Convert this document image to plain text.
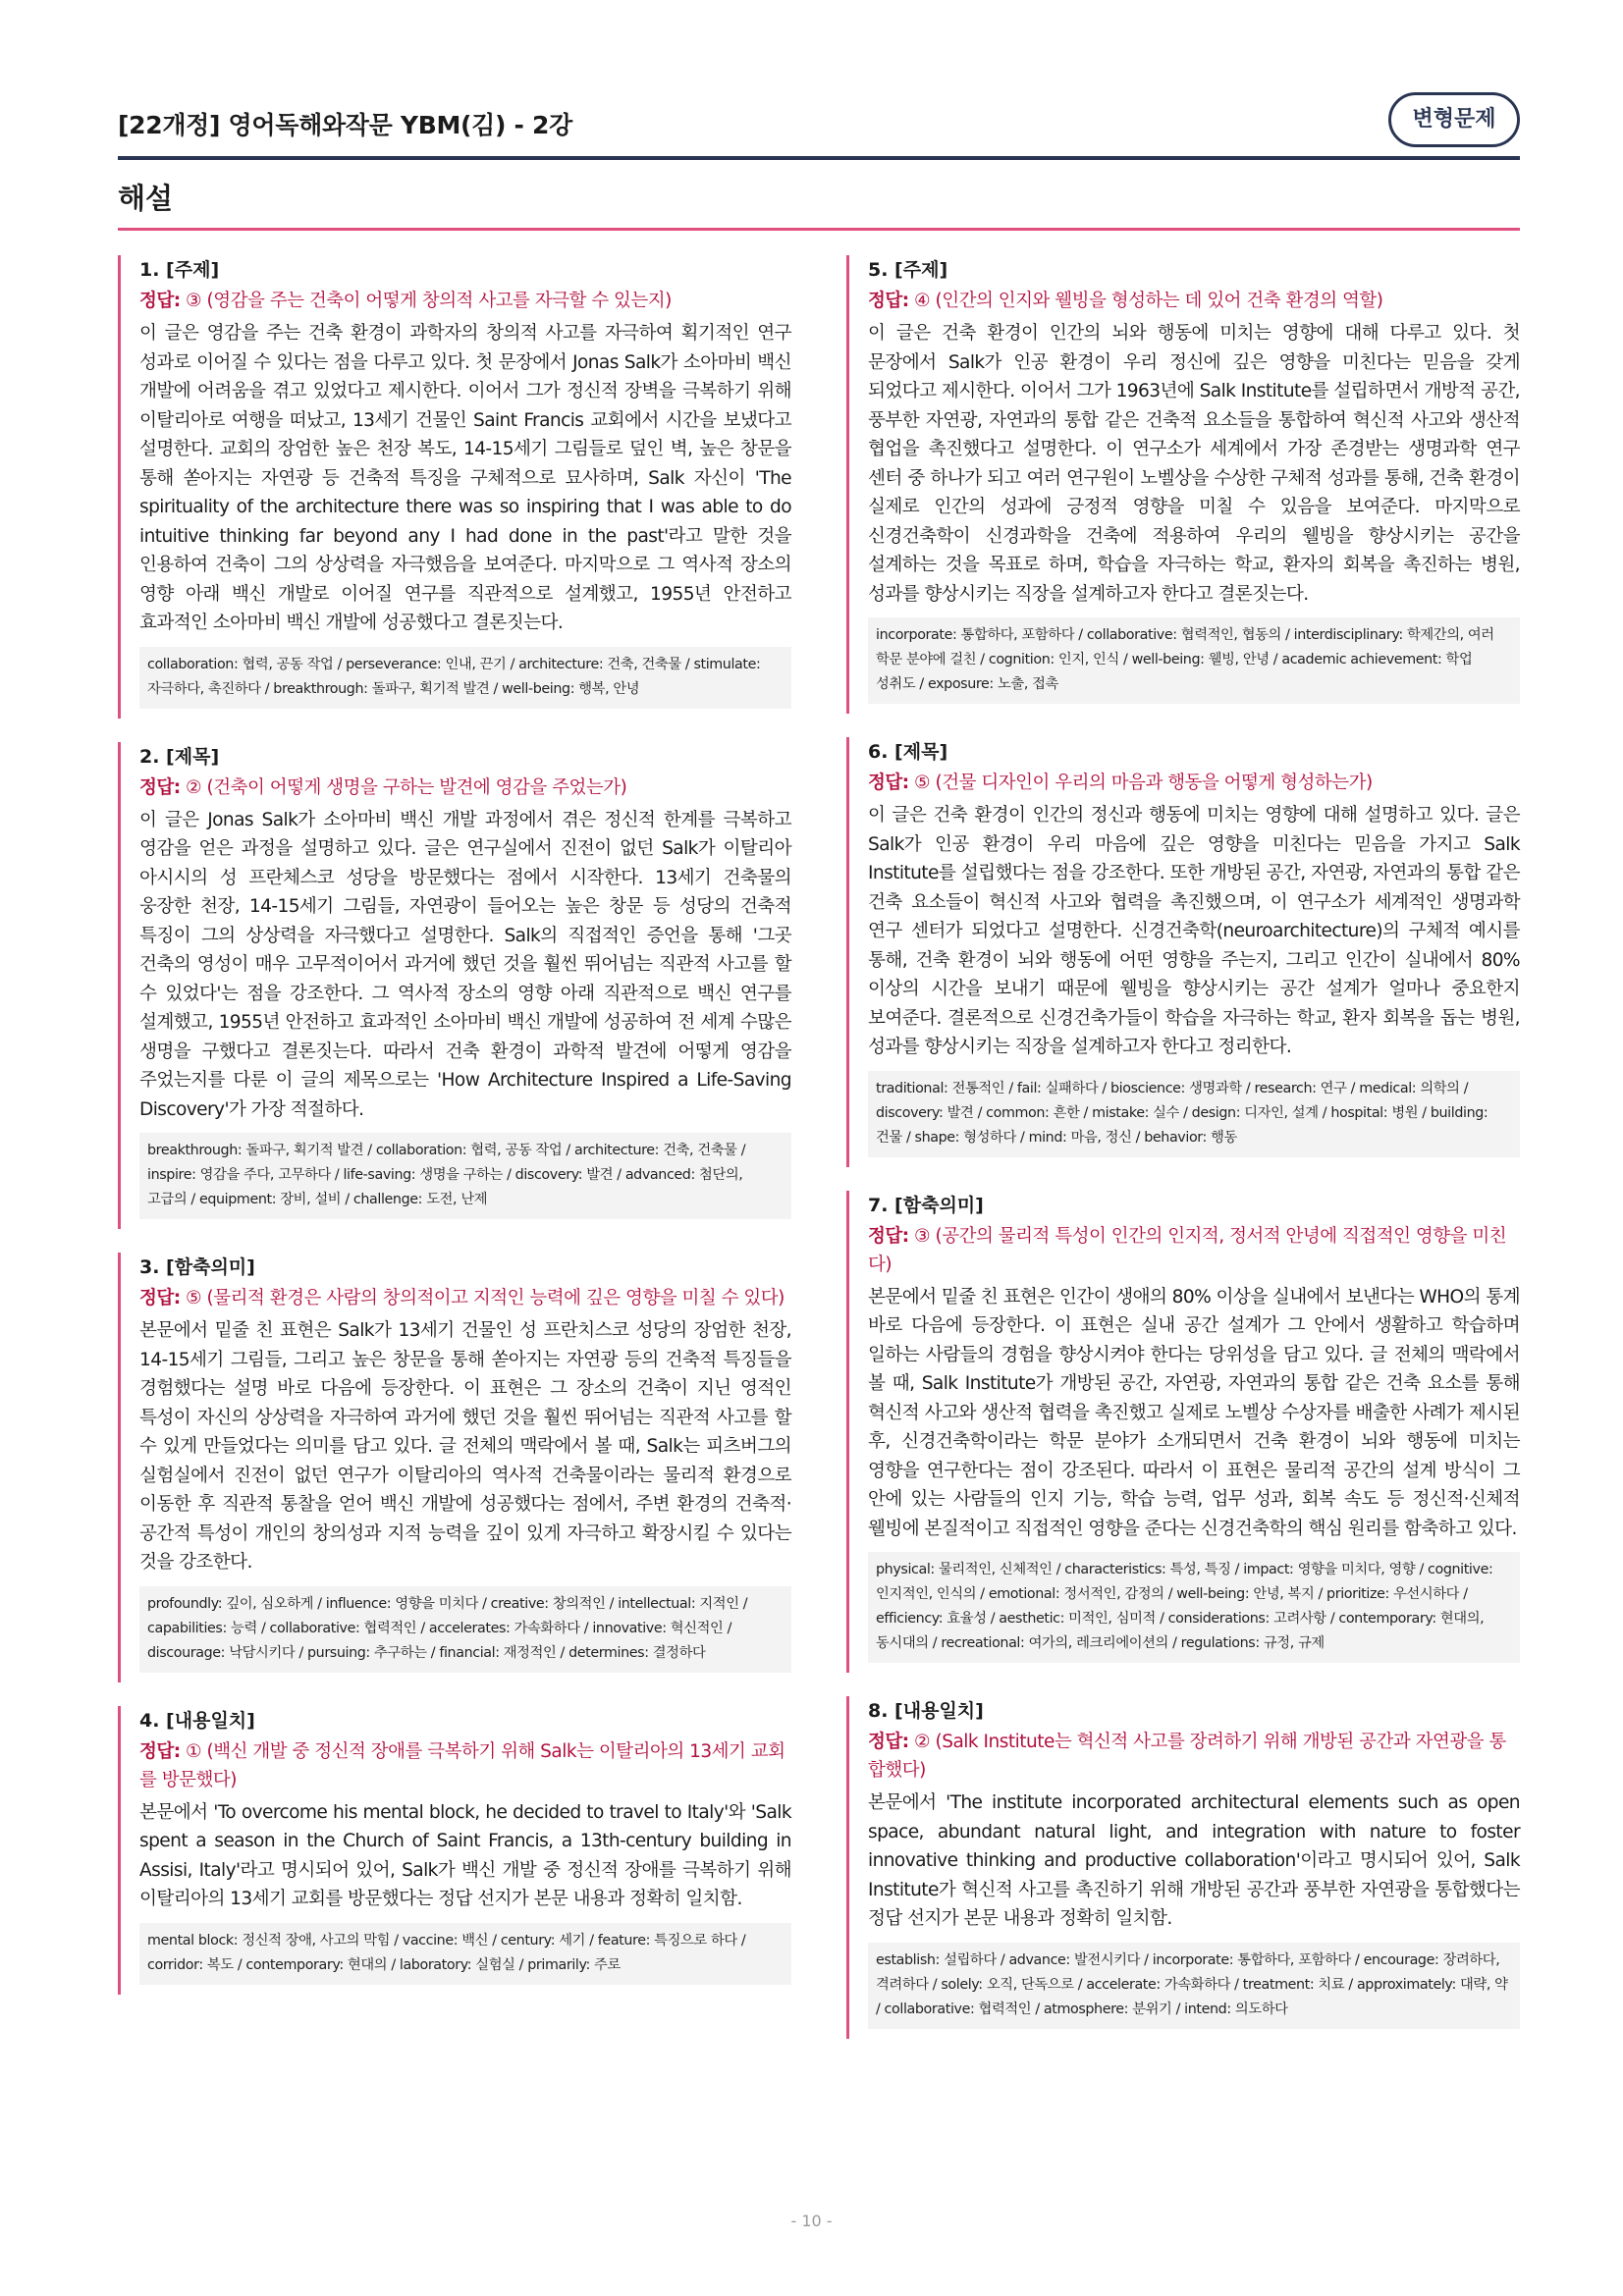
[22개정] 영어독해와작문 YBM(김) - 2강	변형문제
해설
1. [주제]
정답: ③ (영감을 주는 건축이 어떻게 창의적 사고를 자극할 수 있는지)
이 글은 영감을 주는 건축 환경이 과학자의 창의적 사고를 자극하여 획기적인 연구 성과로 이어질 수 있다는 점을 다루고 있다. 첫 문장에서 Jonas Salk가 소아마비 백신 개발에 어려움을 겪고 있었다고 제시한다. 이어서 그가 정신적 장벽을 극복하기 위해 이탈리아로 여행을 떠났고, 13세기 건물인 Saint Francis 교회에서 시간을 보냈다고 설명한다. 교회의 장엄한 높은 천장 복도, 14-15세기 그림들로 덮인 벽, 높은 창문을 통해 쏟아지는 자연광 등 건축적 특징을 구체적으로 묘사하며, Salk 자신이 'The spirituality of the architecture there was so inspiring that I was able to do intuitive thinking far beyond any I had done in the past'라고 말한 것을 인용하여 건축이 그의 상상력을 자극했음을 보여준다. 마지막으로 그 역사적 장소의 영향 아래 백신 개발로 이어질 연구를 직관적으로 설계했고, 1955년 안전하고 효과적인 소아마비 백신 개발에 성공했다고 결론짓는다.
collaboration: 협력, 공동 작업 / perseverance: 인내, 끈기 / architecture: 건축, 건축물 / stimulate: 자극하다, 촉진하다 / breakthrough: 돌파구, 획기적 발견 / well-being: 행복, 안녕
2. [제목]
정답: ② (건축이 어떻게 생명을 구하는 발견에 영감을 주었는가)
이 글은 Jonas Salk가 소아마비 백신 개발 과정에서 겪은 정신적 한계를 극복하고 영감을 얻은 과정을 설명하고 있다. 글은 연구실에서 진전이 없던 Salk가 이탈리아 아시시의 성 프란체스코 성당을 방문했다는 점에서 시작한다. 13세기 건축물의 웅장한 천장, 14-15세기 그림들, 자연광이 들어오는 높은 창문 등 성당의 건축적 특징이 그의 상상력을 자극했다고 설명한다. Salk의 직접적인 증언을 통해 '그곳 건축의 영성이 매우 고무적이어서 과거에 했던 것을 훨씬 뛰어넘는 직관적 사고를 할 수 있었다'는 점을 강조한다. 그 역사적 장소의 영향 아래 직관적으로 백신 연구를 설계했고, 1955년 안전하고 효과적인 소아마비 백신 개발에 성공하여 전 세계 수많은 생명을 구했다고 결론짓는다. 따라서 건축 환경이 과학적 발견에 어떻게 영감을 주었는지를 다룬 이 글의 제목으로는 'How Architecture Inspired a Life-Saving Discovery'가 가장 적절하다.
breakthrough: 돌파구, 획기적 발견 / collaboration: 협력, 공동 작업 / architecture: 건축, 건축물 / inspire: 영감을 주다, 고무하다 / life-saving: 생명을 구하는 / discovery: 발견 / advanced: 첨단의, 고급의 / equipment: 장비, 설비 / challenge: 도전, 난제
3. [함축의미]
정답: ⑤ (물리적 환경은 사람의 창의적이고 지적인 능력에 깊은 영향을 미칠 수 있다)
본문에서 밑줄 친 표현은 Salk가 13세기 건물인 성 프란치스코 성당의 장엄한 천장, 14-15세기 그림들, 그리고 높은 창문을 통해 쏟아지는 자연광 등의 건축적 특징들을 경험했다는 설명 바로 다음에 등장한다. 이 표현은 그 장소의 건축이 지닌 영적인 특성이 자신의 상상력을 자극하여 과거에 했던 것을 훨씬 뛰어넘는 직관적 사고를 할 수 있게 만들었다는 의미를 담고 있다. 글 전체의 맥락에서 볼 때, Salk는 피츠버그의 실험실에서 진전이 없던 연구가 이탈리아의 역사적 건축물이라는 물리적 환경으로 이동한 후 직관적 통찰을 얻어 백신 개발에 성공했다는 점에서, 주변 환경의 건축적·공간적 특성이 개인의 창의성과 지적 능력을 깊이 있게 자극하고 확장시킬 수 있다는 것을 강조한다.
profoundly: 깊이, 심오하게 / influence: 영향을 미치다 / creative: 창의적인 / intellectual: 지적인 / capabilities: 능력 / collaborative: 협력적인 / accelerates: 가속화하다 / innovative: 혁신적인 / discourage: 낙담시키다 / pursuing: 추구하는 / financial: 재정적인 / determines: 결정하다
4. [내용일치]
정답: ① (백신 개발 중 정신적 장애를 극복하기 위해 Salk는 이탈리아의 13세기 교회를 방문했다)
본문에서 'To overcome his mental block, he decided to travel to Italy'와 'Salk spent a season in the Church of Saint Francis, a 13th-century building in Assisi, Italy'라고 명시되어 있어, Salk가 백신 개발 중 정신적 장애를 극복하기 위해 이탈리아의 13세기 교회를 방문했다는 정답 선지가 본문 내용과 정확히 일치함.
mental block: 정신적 장애, 사고의 막힘 / vaccine: 백신 / century: 세기 / feature: 특징으로 하다 / corridor: 복도 / contemporary: 현대의 / laboratory: 실험실 / primarily: 주로
5. [주제]
정답: ④ (인간의 인지와 웰빙을 형성하는 데 있어 건축 환경의 역할)
이 글은 건축 환경이 인간의 뇌와 행동에 미치는 영향에 대해 다루고 있다. 첫 문장에서 Salk가 인공 환경이 우리 정신에 깊은 영향을 미친다는 믿음을 갖게 되었다고 제시한다. 이어서 그가 1963년에 Salk Institute를 설립하면서 개방적 공간, 풍부한 자연광, 자연과의 통합 같은 건축적 요소들을 통합하여 혁신적 사고와 생산적 협업을 촉진했다고 설명한다. 이 연구소가 세계에서 가장 존경받는 생명과학 연구 센터 중 하나가 되고 여러 연구원이 노벨상을 수상한 구체적 성과를 통해, 건축 환경이 실제로 인간의 성과에 긍정적 영향을 미칠 수 있음을 보여준다. 마지막으로 신경건축학이 신경과학을 건축에 적용하여 우리의 웰빙을 향상시키는 공간을 설계하는 것을 목표로 하며, 학습을 자극하는 학교, 환자의 회복을 촉진하는 병원, 성과를 향상시키는 직장을 설계하고자 한다고 결론짓는다.
incorporate: 통합하다, 포함하다 / collaborative: 협력적인, 협동의 / interdisciplinary: 학제간의, 여러 학문 분야에 걸친 / cognition: 인지, 인식 / well-being: 웰빙, 안녕 / academic achievement: 학업 성취도 / exposure: 노출, 접촉
6. [제목]
정답: ⑤ (건물 디자인이 우리의 마음과 행동을 어떻게 형성하는가)
이 글은 건축 환경이 인간의 정신과 행동에 미치는 영향에 대해 설명하고 있다. 글은 Salk가 인공 환경이 우리 마음에 깊은 영향을 미친다는 믿음을 가지고 Salk Institute를 설립했다는 점을 강조한다. 또한 개방된 공간, 자연광, 자연과의 통합 같은 건축 요소들이 혁신적 사고와 협력을 촉진했으며, 이 연구소가 세계적인 생명과학 연구 센터가 되었다고 설명한다. 신경건축학(neuroarchitecture)의 구체적 예시를 통해, 건축 환경이 뇌와 행동에 어떤 영향을 주는지, 그리고 인간이 실내에서 80% 이상의 시간을 보내기 때문에 웰빙을 향상시키는 공간 설계가 얼마나 중요한지 보여준다. 결론적으로 신경건축가들이 학습을 자극하는 학교, 환자 회복을 돕는 병원, 성과를 향상시키는 직장을 설계하고자 한다고 정리한다.
traditional: 전통적인 / fail: 실패하다 / bioscience: 생명과학 / research: 연구 / medical: 의학의 / discovery: 발견 / common: 흔한 / mistake: 실수 / design: 디자인, 설계 / hospital: 병원 / building: 건물 / shape: 형성하다 / mind: 마음, 정신 / behavior: 행동
7. [함축의미]
정답: ③ (공간의 물리적 특성이 인간의 인지적, 정서적 안녕에 직접적인 영향을 미친다)
본문에서 밑줄 친 표현은 인간이 생애의 80% 이상을 실내에서 보낸다는 WHO의 통계 바로 다음에 등장한다. 이 표현은 실내 공간 설계가 그 안에서 생활하고 학습하며 일하는 사람들의 경험을 향상시켜야 한다는 당위성을 담고 있다. 글 전체의 맥락에서 볼 때, Salk Institute가 개방된 공간, 자연광, 자연과의 통합 같은 건축 요소를 통해 혁신적 사고와 생산적 협력을 촉진했고 실제로 노벨상 수상자를 배출한 사례가 제시된 후, 신경건축학이라는 학문 분야가 소개되면서 건축 환경이 뇌와 행동에 미치는 영향을 연구한다는 점이 강조된다. 따라서 이 표현은 물리적 공간의 설계 방식이 그 안에 있는 사람들의 인지 기능, 학습 능력, 업무 성과, 회복 속도 등 정신적·신체적 웰빙에 본질적이고 직접적인 영향을 준다는 신경건축학의 핵심 원리를 함축하고 있다.
physical: 물리적인, 신체적인 / characteristics: 특성, 특징 / impact: 영향을 미치다, 영향 / cognitive: 인지적인, 인식의 / emotional: 정서적인, 감정의 / well-being: 안녕, 복지 / prioritize: 우선시하다 / efficiency: 효율성 / aesthetic: 미적인, 심미적 / considerations: 고려사항 / contemporary: 현대의, 동시대의 / recreational: 여가의, 레크리에이션의 / regulations: 규정, 규제
8. [내용일치]
정답: ② (Salk Institute는 혁신적 사고를 장려하기 위해 개방된 공간과 자연광을 통합했다)
본문에서 'The institute incorporated architectural elements such as open space, abundant natural light, and integration with nature to foster innovative thinking and productive collaboration'이라고 명시되어 있어, Salk Institute가 혁신적 사고를 촉진하기 위해 개방된 공간과 풍부한 자연광을 통합했다는 정답 선지가 본문 내용과 정확히 일치함.
establish: 설립하다 / advance: 발전시키다 / incorporate: 통합하다, 포함하다 / encourage: 장려하다, 격려하다 / solely: 오직, 단독으로 / accelerate: 가속화하다 / treatment: 치료 / approximately: 대략, 약 / collaborative: 협력적인 / atmosphere: 분위기 / intend: 의도하다
- 10 -
